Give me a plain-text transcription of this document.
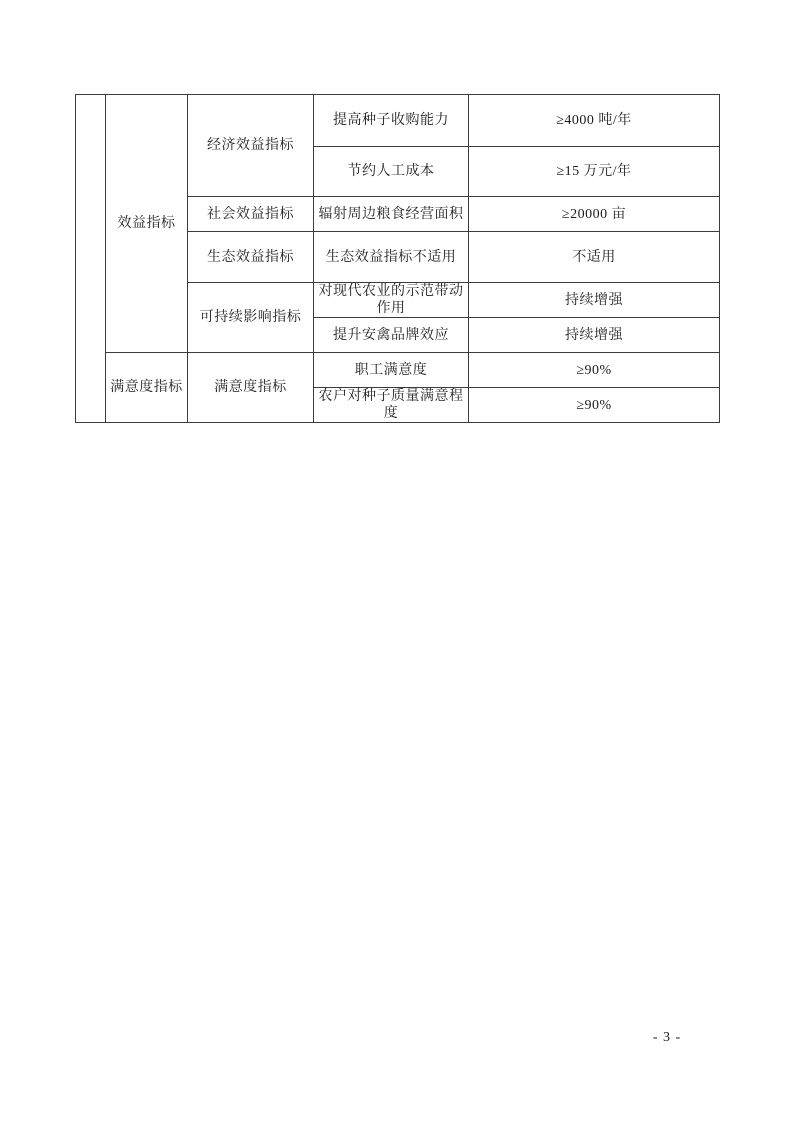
	效益指标	经济效益指标	提高种子收购能力	≥4000 吨/年
			节约人工成本	≥15 万元/年
		社会效益指标	辐射周边粮食经营面积	≥20000 亩
		生态效益指标	生态效益指标不适用	不适用
		可持续影响指标	对现代农业的示范带动作用	持续增强
			提升安禽品牌效应	持续增强
	满意度指标	满意度指标	职工满意度	≥90%
			农户对种子质量满意程度	≥90%
- 3 -
